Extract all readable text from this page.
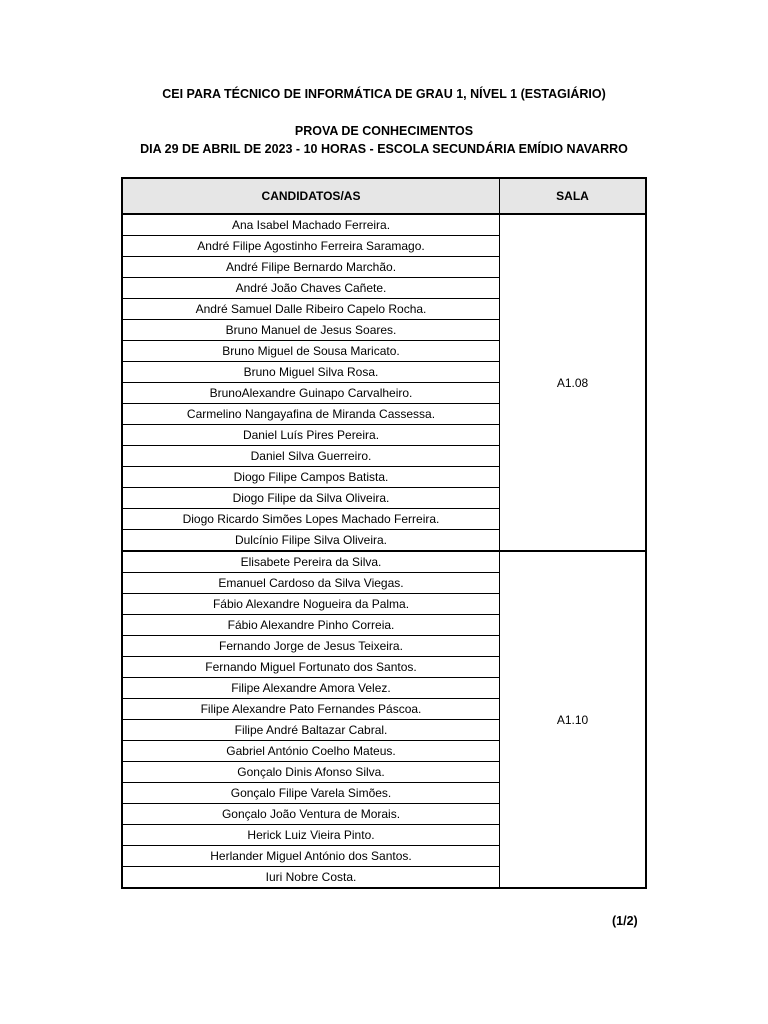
CEI PARA TÉCNICO DE INFORMÁTICA DE GRAU 1, NÍVEL 1 (ESTAGIÁRIO)
PROVA DE CONHECIMENTOS
DIA 29 DE ABRIL DE 2023 - 10 HORAS - ESCOLA SECUNDÁRIA EMÍDIO NAVARRO
CANDIDATOS/AS	SALA
Ana Isabel Machado Ferreira.	A1.08
André Filipe Agostinho Ferreira Saramago.	
André Filipe Bernardo Marchão.	
André João Chaves Cañete.	
André Samuel Dalle Ribeiro Capelo Rocha.	
Bruno Manuel de Jesus Soares.	
Bruno Miguel de Sousa Maricato.	
Bruno Miguel Silva Rosa.	
BrunoAlexandre Guinapo Carvalheiro.	
Carmelino Nangayafina de Miranda Cassessa.	
Daniel Luís Pires Pereira.	
Daniel Silva Guerreiro.	
Diogo Filipe Campos Batista.	
Diogo Filipe da Silva Oliveira.	
Diogo Ricardo Simões Lopes Machado Ferreira.	
Dulcínio Filipe Silva Oliveira.	
Elisabete Pereira da Silva.	A1.10
Emanuel Cardoso da Silva Viegas.	
Fábio Alexandre Nogueira da Palma.	
Fábio Alexandre Pinho Correia.	
Fernando Jorge de Jesus Teixeira.	
Fernando Miguel Fortunato dos Santos.	
Filipe Alexandre Amora Velez.	
Filipe Alexandre Pato Fernandes Páscoa.	
Filipe André Baltazar Cabral.	
Gabriel António Coelho Mateus.	
Gonçalo Dinis Afonso Silva.	
Gonçalo Filipe Varela Simões.	
Gonçalo João Ventura de Morais.	
Herick Luiz Vieira Pinto.	
Herlander Miguel António dos Santos.	
Iuri Nobre Costa.	
(1/2)
